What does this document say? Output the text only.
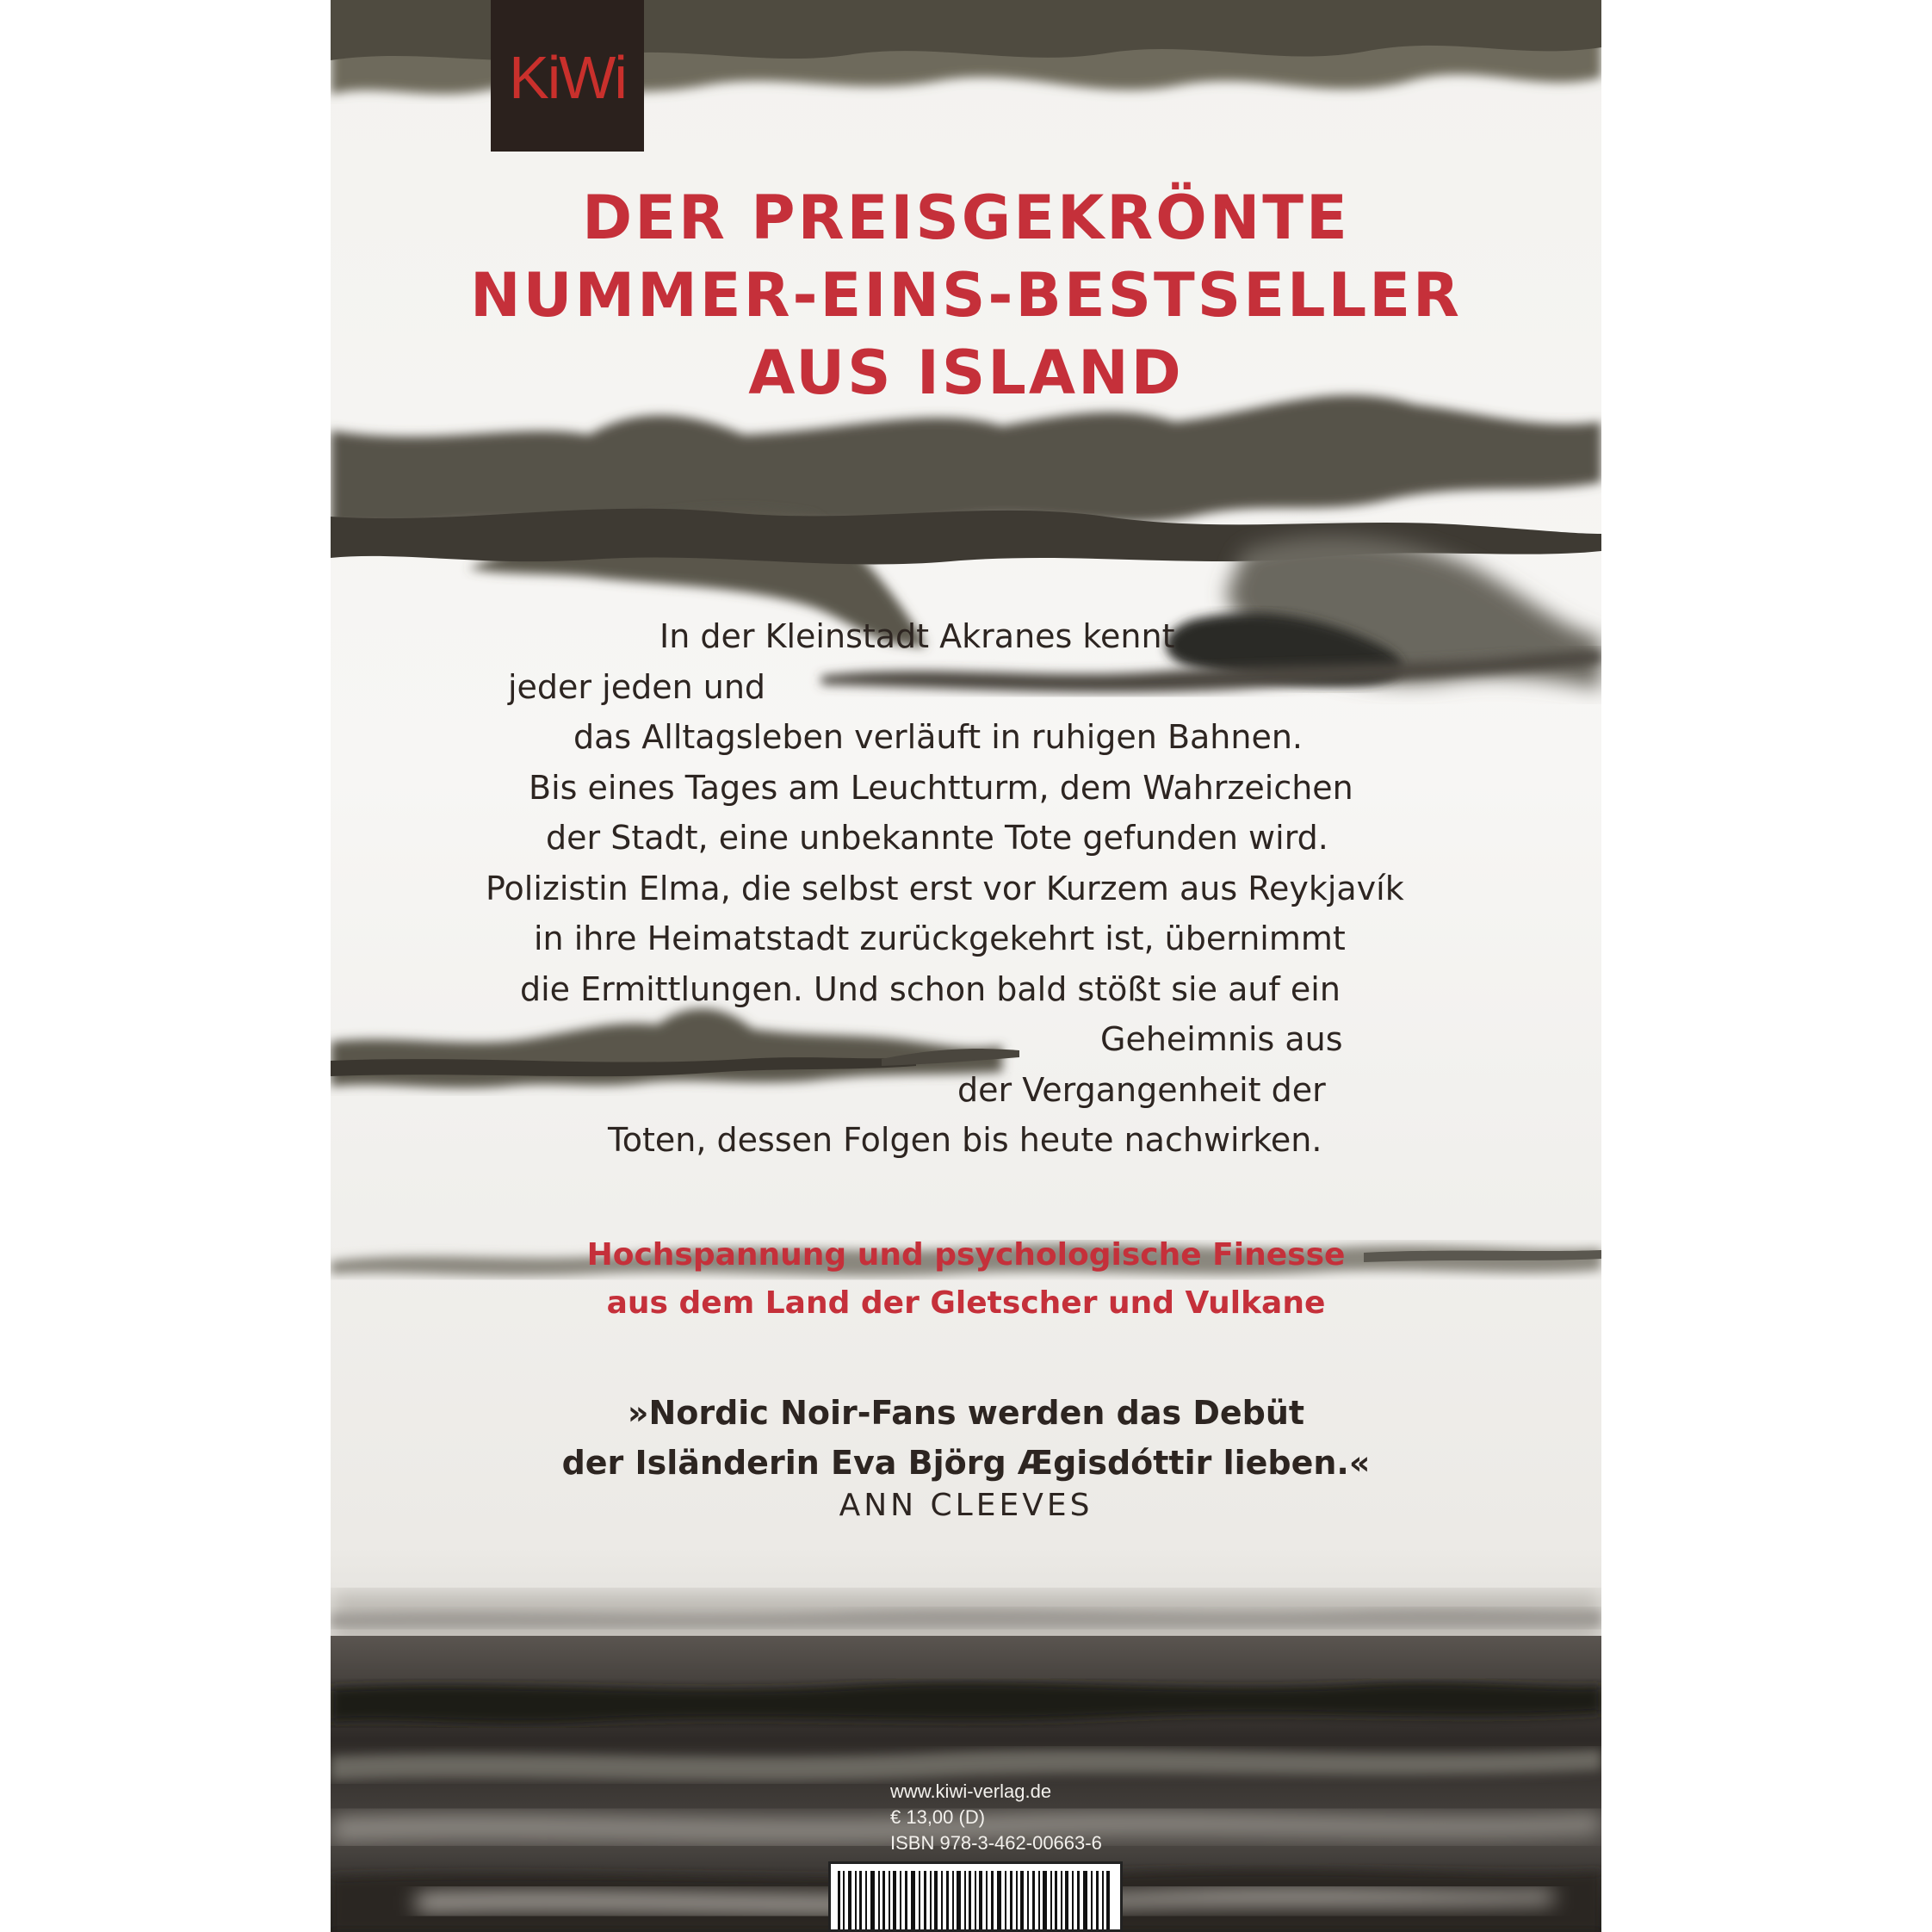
KiWi
DER PREISGEKRÖNTE
NUMMER-EINS-BESTSELLER
AUS ISLAND
In der Kleinstadt Akranes kennt
jeder jeden und
das Alltagsleben verläuft in ruhigen Bahnen.
Bis eines Tages am Leuchtturm, dem Wahrzeichen
der Stadt, eine unbekannte Tote gefunden wird.
Polizistin Elma, die selbst erst vor Kurzem aus Reykjavík
in ihre Heimatstadt zurückgekehrt ist, übernimmt
die Ermittlungen. Und schon bald stößt sie auf ein
Geheimnis aus
der Vergangenheit der
Toten, dessen Folgen bis heute nachwirken.
Hochspannung und psychologische Finesse
aus dem Land der Gletscher und Vulkane
»Nordic Noir-Fans werden das Debüt
der Isländerin Eva Björg Ægisdóttir lieben.«
ANN CLEEVES
www.kiwi-verlag.de
€ 13,00 (D)
ISBN 978-3-462-00663-6
